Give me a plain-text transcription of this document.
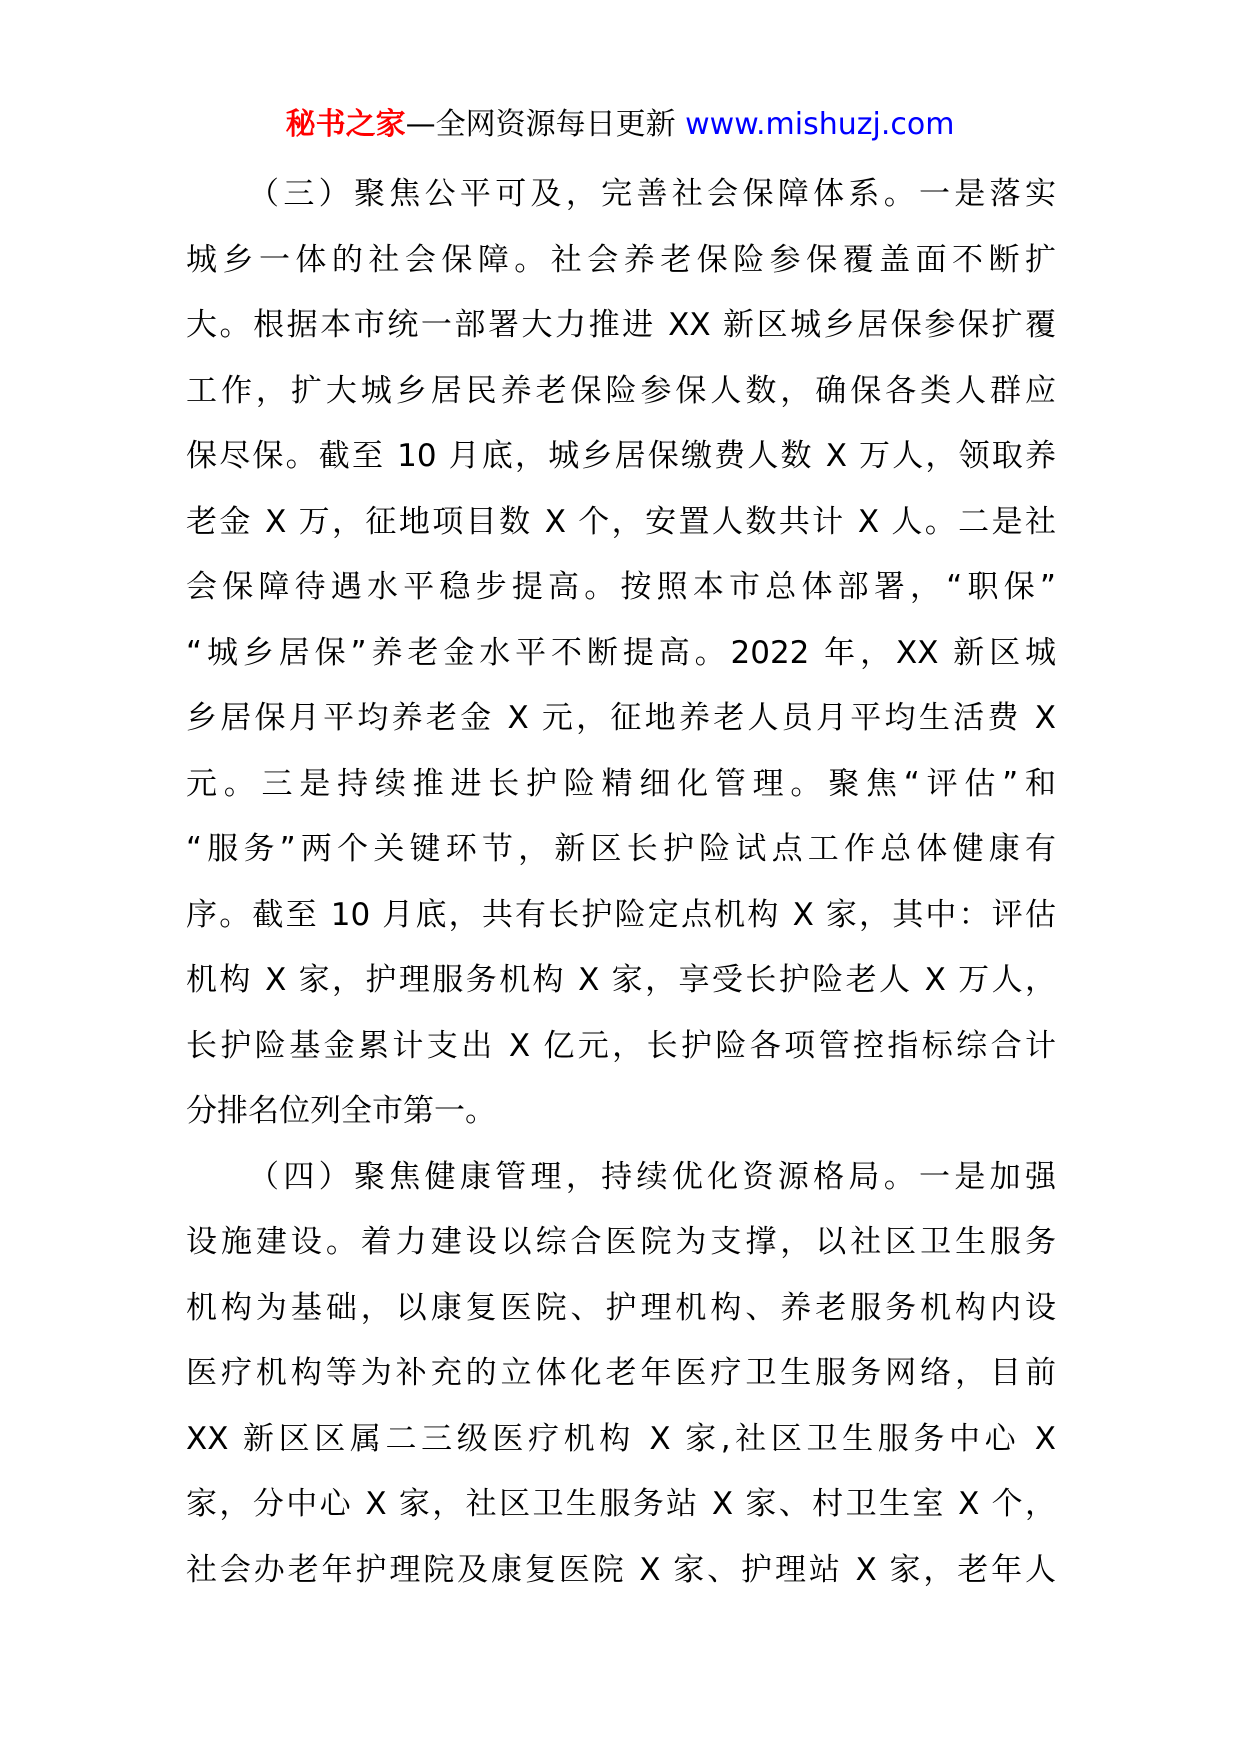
秘书之家—全网资源每日更新 www.mishuzj.com
（三）聚焦公平可及，完善社会保障体系。一是落实
城乡一体的社会保障。社会养老保险参保覆盖面不断扩
大。根据本市统一部署大力推进 XX 新区城乡居保参保扩覆
工作，扩大城乡居民养老保险参保人数，确保各类人群应
保尽保。截至 10 月底，城乡居保缴费人数 X 万人，领取养
老金 X 万，征地项目数 X 个，安置人数共计 X 人。二是社
会保障待遇水平稳步提高。按照本市总体部署，“职保”
“城乡居保”养老金水平不断提高。2022 年，XX 新区城
乡居保月平均养老金 X 元，征地养老人员月平均生活费 X
元。三是持续推进长护险精细化管理。聚焦“评估”和
“服务”两个关键环节，新区长护险试点工作总体健康有
序。截至 10 月底，共有长护险定点机构 X 家，其中：评估
机构 X 家，护理服务机构 X 家，享受长护险老人 X 万人，
长护险基金累计支出 X 亿元，长护险各项管控指标综合计
分排名位列全市第一。
（四）聚焦健康管理，持续优化资源格局。一是加强
设施建设。着力建设以综合医院为支撑，以社区卫生服务
机构为基础，以康复医院、护理机构、养老服务机构内设
医疗机构等为补充的立体化老年医疗卫生服务网络，目前
XX 新区区属二三级医疗机构 X 家,社区卫生服务中心 X
家，分中心 X 家，社区卫生服务站 X 家、村卫生室 X 个，
社会办老年护理院及康复医院 X 家、护理站 X 家，老年人
